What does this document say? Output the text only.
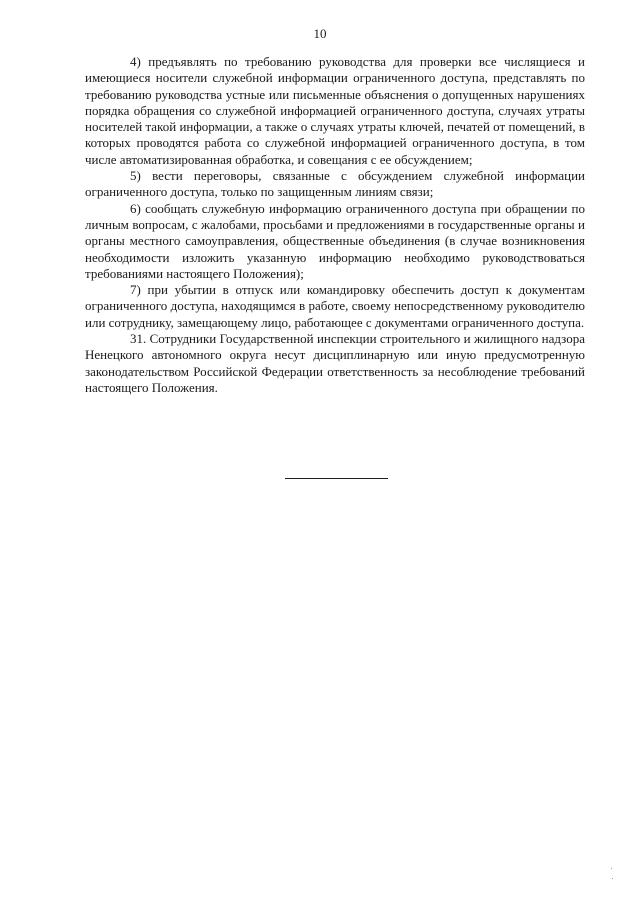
10

4) предъявлять по требованию руководства для проверки все числящиеся и имеющиеся носители служебной информации ограниченного доступа, представлять по требованию руководства устные или письменные объяснения о допущенных нарушениях порядка обращения со служебной информацией ограниченного доступа, случаях утраты носителей такой информации, а также о случаях утраты ключей, печатей от помещений, в которых проводятся работа со служебной информацией ограниченного доступа, в том числе автоматизированная обработка, и совещания с ее обсуждением;

5) вести переговоры, связанные с обсуждением служебной информации ограниченного доступа, только по защищенным линиям связи;

6) сообщать служебную информацию ограниченного доступа при обращении по личным вопросам, с жалобами, просьбами и предложениями в государственные органы и органы местного самоуправления, общественные объединения (в случае возникновения необходимости изложить указанную информацию необходимо руководствоваться требованиями настоящего Положения);

7) при убытии в отпуск или командировку обеспечить доступ к документам ограниченного доступа, находящимся в работе, своему непосредственному руководителю или сотруднику, замещающему лицо, работающее с документами ограниченного доступа.

31. Сотрудники Государственной инспекции строительного и жилищного надзора Ненецкого автономного округа несут дисциплинарную или иную предусмотренную законодательством Российской Федерации ответственность за несоблюдение требований настоящего Положения.
